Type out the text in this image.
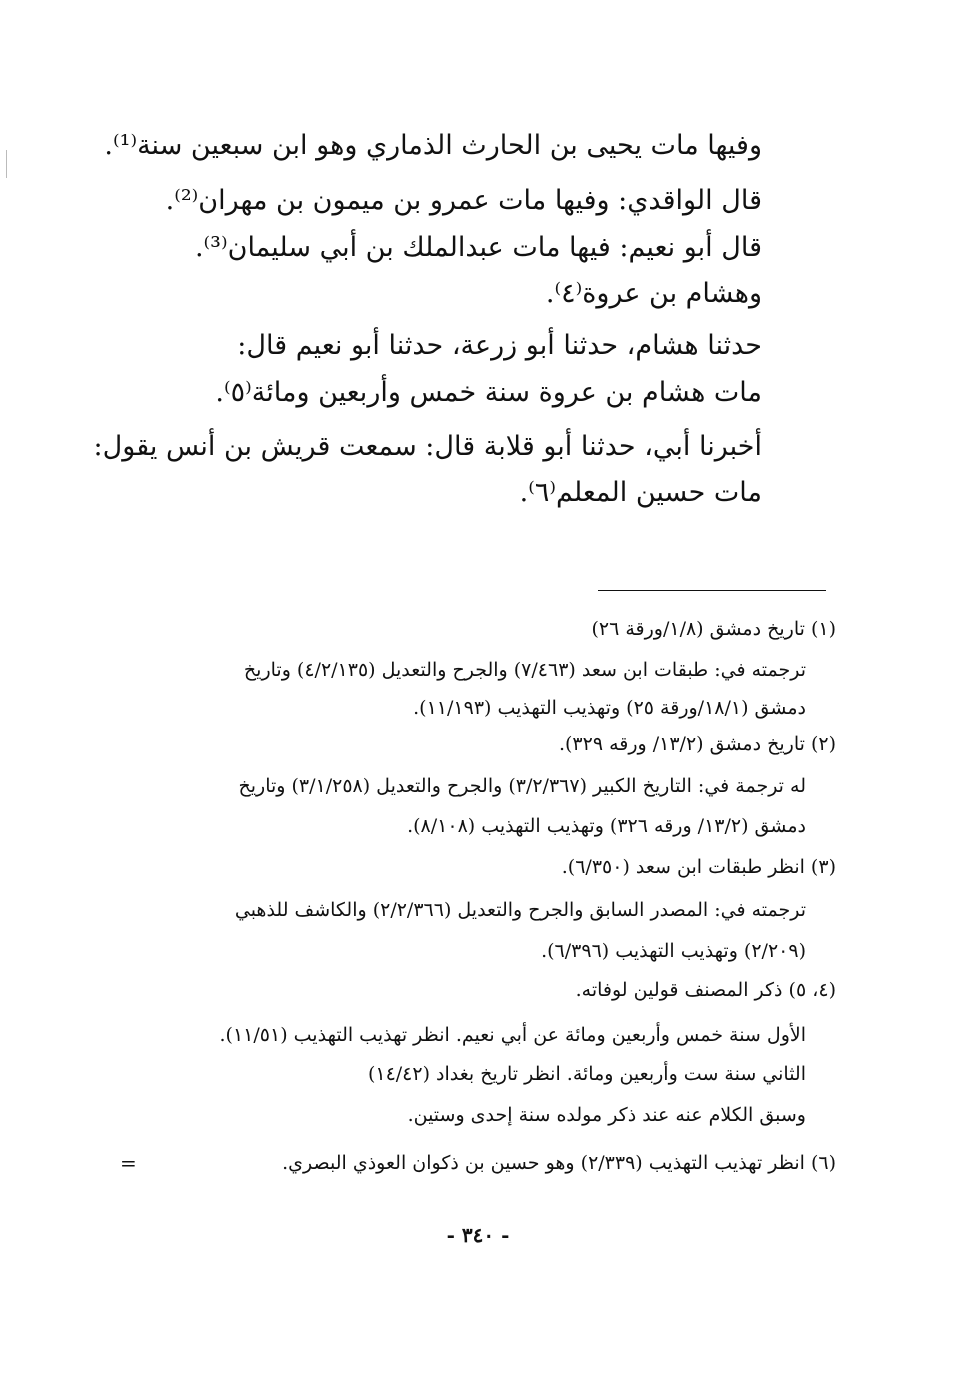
وفيها مات يحيى بن الحارث الذماري وهو ابن سبعين سنة⁽¹⁾.
قال الواقدي: وفيها مات عمرو بن ميمون بن مهران⁽²⁾.
قال أبو نعيم: فيها مات عبدالملك بن أبي سليمان⁽³⁾.
وهشام بن عروة⁽٤⁾.
حدثنا هشام، حدثنا أبو زرعة، حدثنا أبو نعيم قال:
مات هشام بن عروة سنة خمس وأربعين ومائة⁽٥⁾.
أخبرنا أبي، حدثنا أبو قلابة قال: سمعت قريش بن أنس يقول:
مات حسين المعلم⁽٦⁾.
(١) تاريخ دمشق (١/٨/ورقة ٢٦)
ترجمته في: طبقات ابن سعد (٧/٤٦٣) والجرح والتعديل (٤/٢/١٣٥) وتاريخ
دمشق (١٨/١/ورقة ٢٥) وتهذيب التهذيب (١١/١٩٣).
(٢) تاريخ دمشق (١٣/٢/ ورقه ٣٢٩).
له ترجمة في: التاريخ الكبير (٣/٢/٣٦٧) والجرح والتعديل (٣/١/٢٥٨) وتاريخ
دمشق (١٣/٢/ ورقه ٣٢٦) وتهذيب التهذيب (٨/١٠٨).
(٣) انظر طبقات ابن سعد (٦/٣٥٠).
ترجمته في: المصدر السابق والجرح والتعديل (٢/٢/٣٦٦) والكاشف للذهبي
(٢/٢٠٩) وتهذيب التهذيب (٦/٣٩٦).
(٤، ٥) ذكر المصنف قولين لوفاته.
الأول سنة خمس وأربعين ومائة عن أبي نعيم. انظر تهذيب التهذيب (١١/٥١).
الثاني سنة ست وأربعين ومائة. انظر تاريخ بغداد (١٤/٤٢)
وسبق الكلام عنه عند ذكر مولده سنة إحدى وستين.
(٦) انظر تهذيب التهذيب (٢/٣٣٩) وهو حسين بن ذكوان العوذي البصري.
=
- ٣٤٠ -
